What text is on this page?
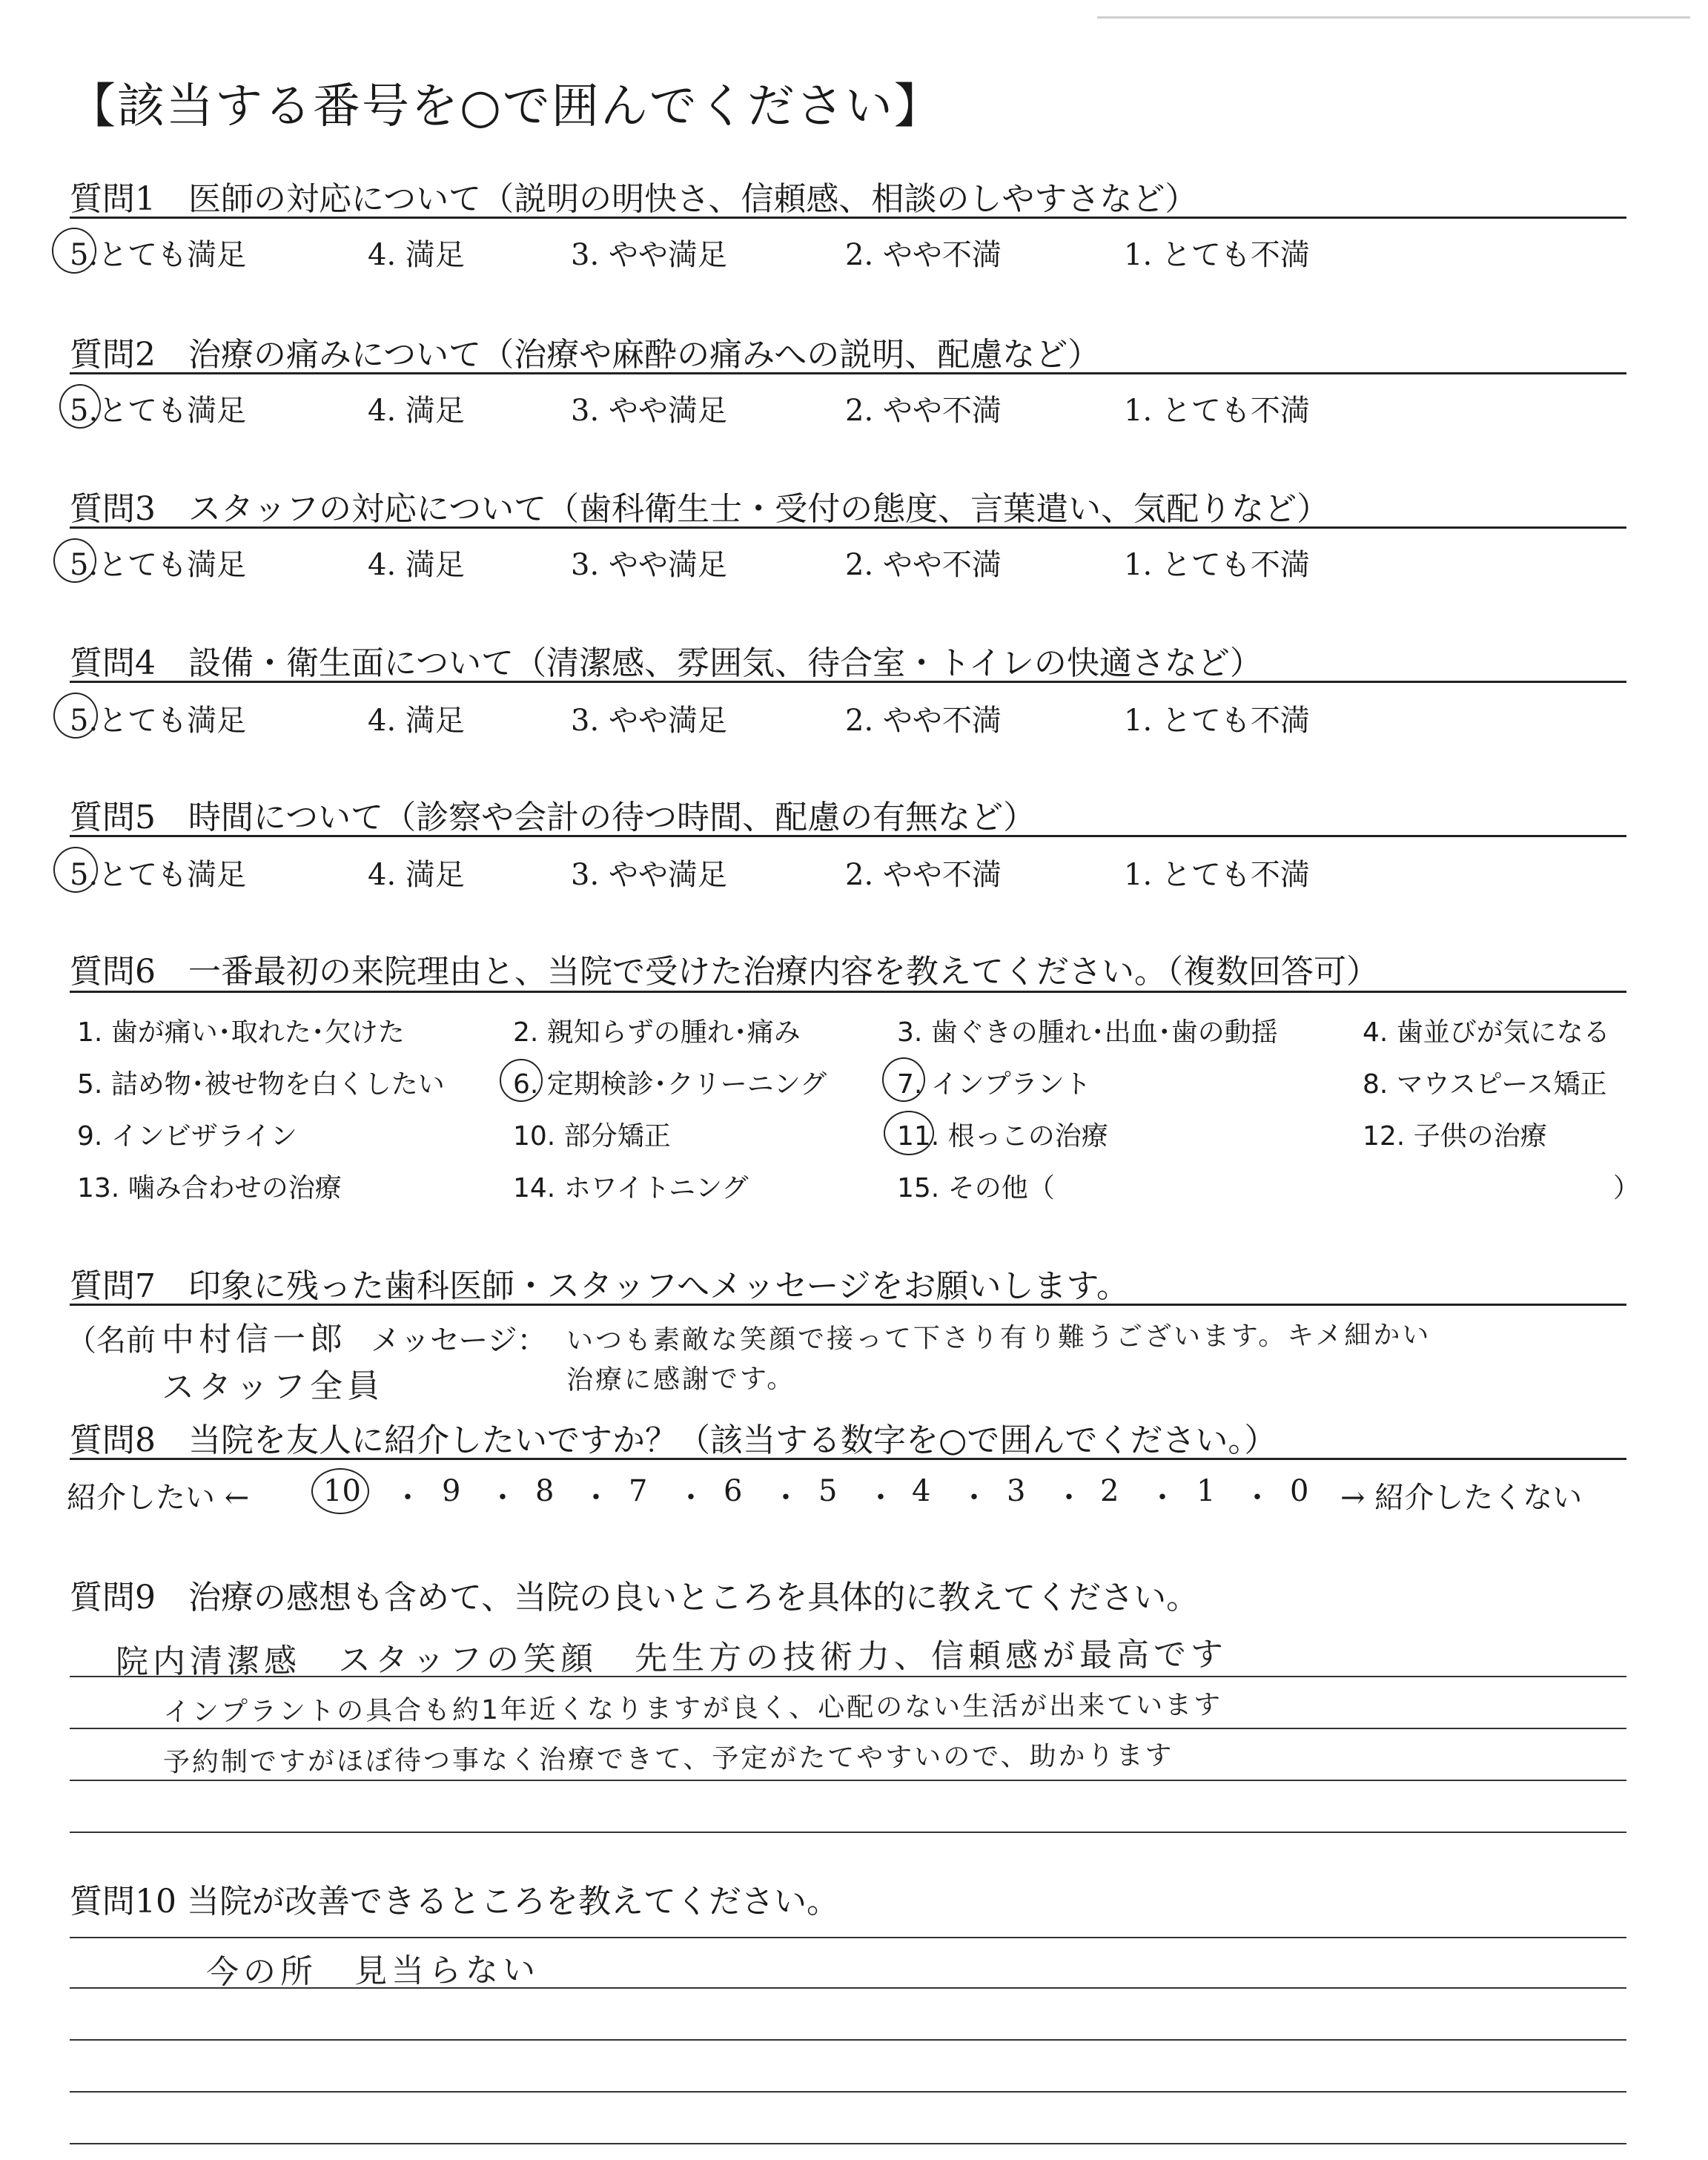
【該当する番号を○で囲んでください】
質問1　医師の対応について（説明の明快さ、信頼感、相談のしやすさなど）
5.とても満足	4. 満足	3. やや満足	2. やや不満	1. とても不満
質問2　治療の痛みについて（治療や麻酔の痛みへの説明、配慮など）
5.とても満足	4. 満足	3. やや満足	2. やや不満	1. とても不満
質問3　スタッフの対応について（歯科衛生士・受付の態度、言葉遣い、気配りなど）
5.とても満足	4. 満足	3. やや満足	2. やや不満	1. とても不満
質問4　設備・衛生面について（清潔感、雰囲気、待合室・トイレの快適さなど）
5.とても満足	4. 満足	3. やや満足	2. やや不満	1. とても不満
質問5　時間について（診察や会計の待つ時間、配慮の有無など）
5.とても満足	4. 満足	3. やや満足	2. やや不満	1. とても不満
質問6　一番最初の来院理由と、当院で受けた治療内容を教えてください。（複数回答可）
1. 歯が痛い･取れた･欠けた	2. 親知らずの腫れ･痛み	3. 歯ぐきの腫れ･出血･歯の動揺	4. 歯並びが気になる
5. 詰め物･被せ物を白くしたい	6. 定期検診･クリーニング	7. インプラント	8. マウスピース矯正
9. インビザライン	10. 部分矯正	11. 根っこの治療	12. 子供の治療
13. 噛み合わせの治療	14. ホワイトニング	15. その他（	）
質問7　印象に残った歯科医師・スタッフへメッセージをお願いします。
（名前 中村信一郎
スタッフ全員
メッセージ： いつも素敵な笑顔で接って下さり有り難うございます。キメ細かい
治療に感謝です。
質問8　当院を友人に紹介したいですか？（該当する数字を○で囲んでください。）
紹介したい ← 10 ・ 9 ・ 8 ・ 7 ・ 6 ・ 5 ・ 4 ・ 3 ・ 2 ・ 1 ・ 0 → 紹介したくない
質問9　治療の感想も含めて、当院の良いところを具体的に教えてください。
院内清潔感　スタッフの笑顔　先生方の技術力、信頼感が最高です
インプラントの具合も約1年近くなりますが良く、心配のない生活が出来ています
予約制ですがほぼ待つ事なく治療できて、予定がたてやすいので、助かります
質問10 当院が改善できるところを教えてください。
今の所　見当らない
